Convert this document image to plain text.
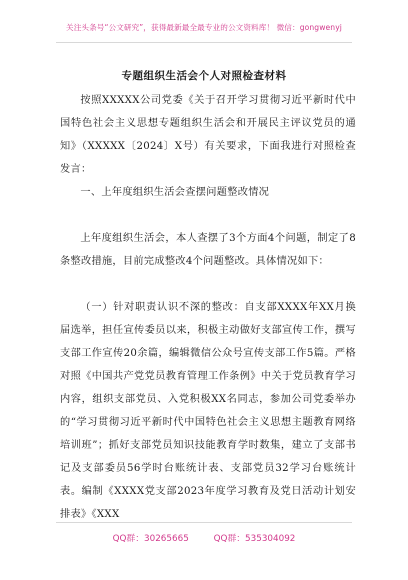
关注头条号“公文研究”，获得最新最全最专业的公文资料库！ 微信：gongwenyj
专题组织生活会个人对照检查材料

按照XXXXX公司党委《关于召开学习贯彻习近平新时代中国特色社会主义思想专题组织生活会和开展民主评议党员的通知》（XXXXX〔2024〕X号）有关要求，下面我进行对照检查发言：

一、上年度组织生活会查摆问题整改情况

上年度组织生活会，本人查摆了3个方面4个问题，制定了8条整改措施，目前完成整改4个问题整改。具体情况如下：

（一）针对职责认识不深的整改：自支部XXXX年XX月换届选举，担任宣传委员以来，积极主动做好支部宣传工作，撰写支部工作宣传20余篇，编辑微信公众号宣传支部工作5篇。严格对照《中国共产党党员教育管理工作条例》中关于党员教育学习内容，组织支部党员、入党积极XX名同志，参加公司党委举办的“学习贯彻习近平新时代中国特色社会主义思想主题教育网络培训班”；抓好支部党员知识技能教育学时数集，建立了支部书记及支部委员56学时台账统计表、支部党员32学习台账统计表。编制《XXXX党支部2023年度学习教育及党日活动计划安排表》《XXX

QQ群：30265665	QQ群：535304092
